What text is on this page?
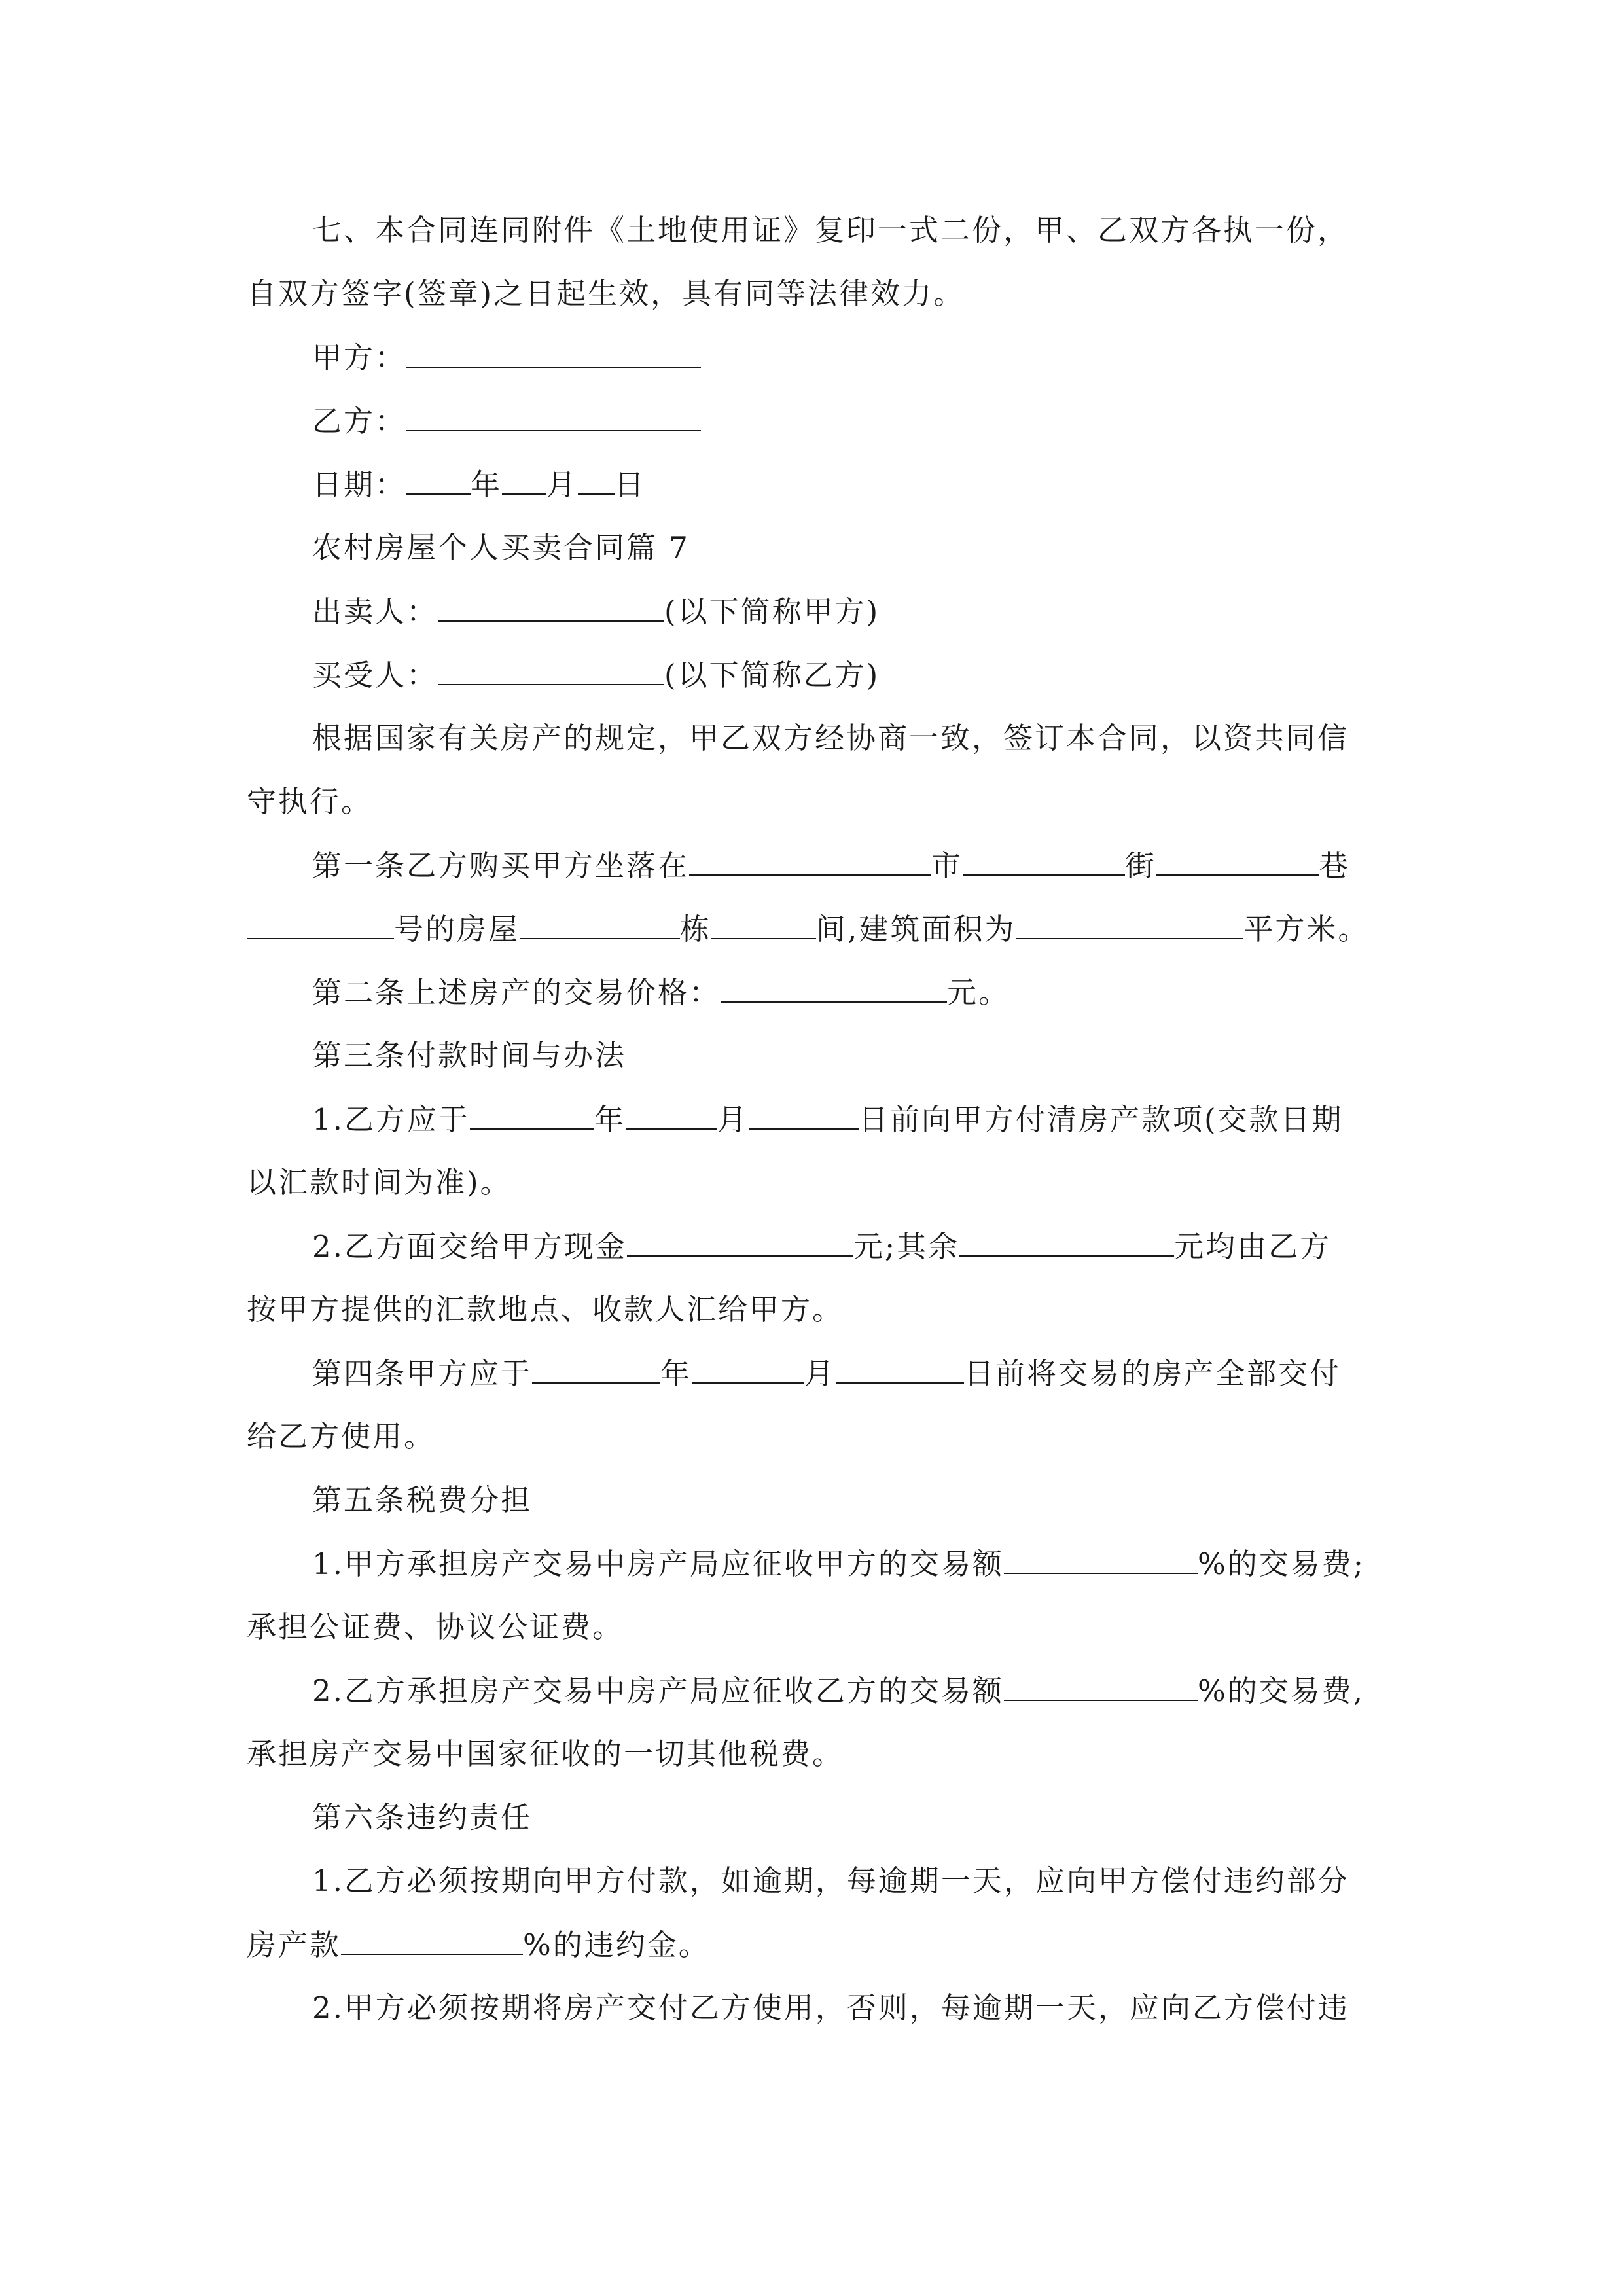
七、本合同连同附件《土地使用证》复印一式二份，甲、乙双方各执一份，
自双方签字(签章)之日起生效，具有同等法律效力。
甲方：
乙方：
日期： 年 月 日
农村房屋个人买卖合同篇 7
出卖人：	(以下简称甲方)
买受人：	(以下简称乙方)
根据国家有关房产的规定，甲乙双方经协商一致，签订本合同，以资共同信
守执行。
第一条乙方购买甲方坐落在	市	街	巷
号的房屋	栋	间,建筑面积为	平方米。
第二条上述房产的交易价格：	元。
第三条付款时间与办法
1.乙方应于	年	月	日前向甲方付清房产款项(交款日期
以汇款时间为准)。
2.乙方面交给甲方现金	元;其余	元均由乙方
按甲方提供的汇款地点、收款人汇给甲方。
第四条甲方应于	年	月	日前将交易的房产全部交付
给乙方使用。
第五条税费分担
1.甲方承担房产交易中房产局应征收甲方的交易额	%的交易费;
承担公证费、协议公证费。
2.乙方承担房产交易中房产局应征收乙方的交易额	%的交易费,
承担房产交易中国家征收的一切其他税费。
第六条违约责任
1.乙方必须按期向甲方付款，如逾期，每逾期一天，应向甲方偿付违约部分
房产款	%的违约金。
2.甲方必须按期将房产交付乙方使用，否则，每逾期一天，应向乙方偿付违
